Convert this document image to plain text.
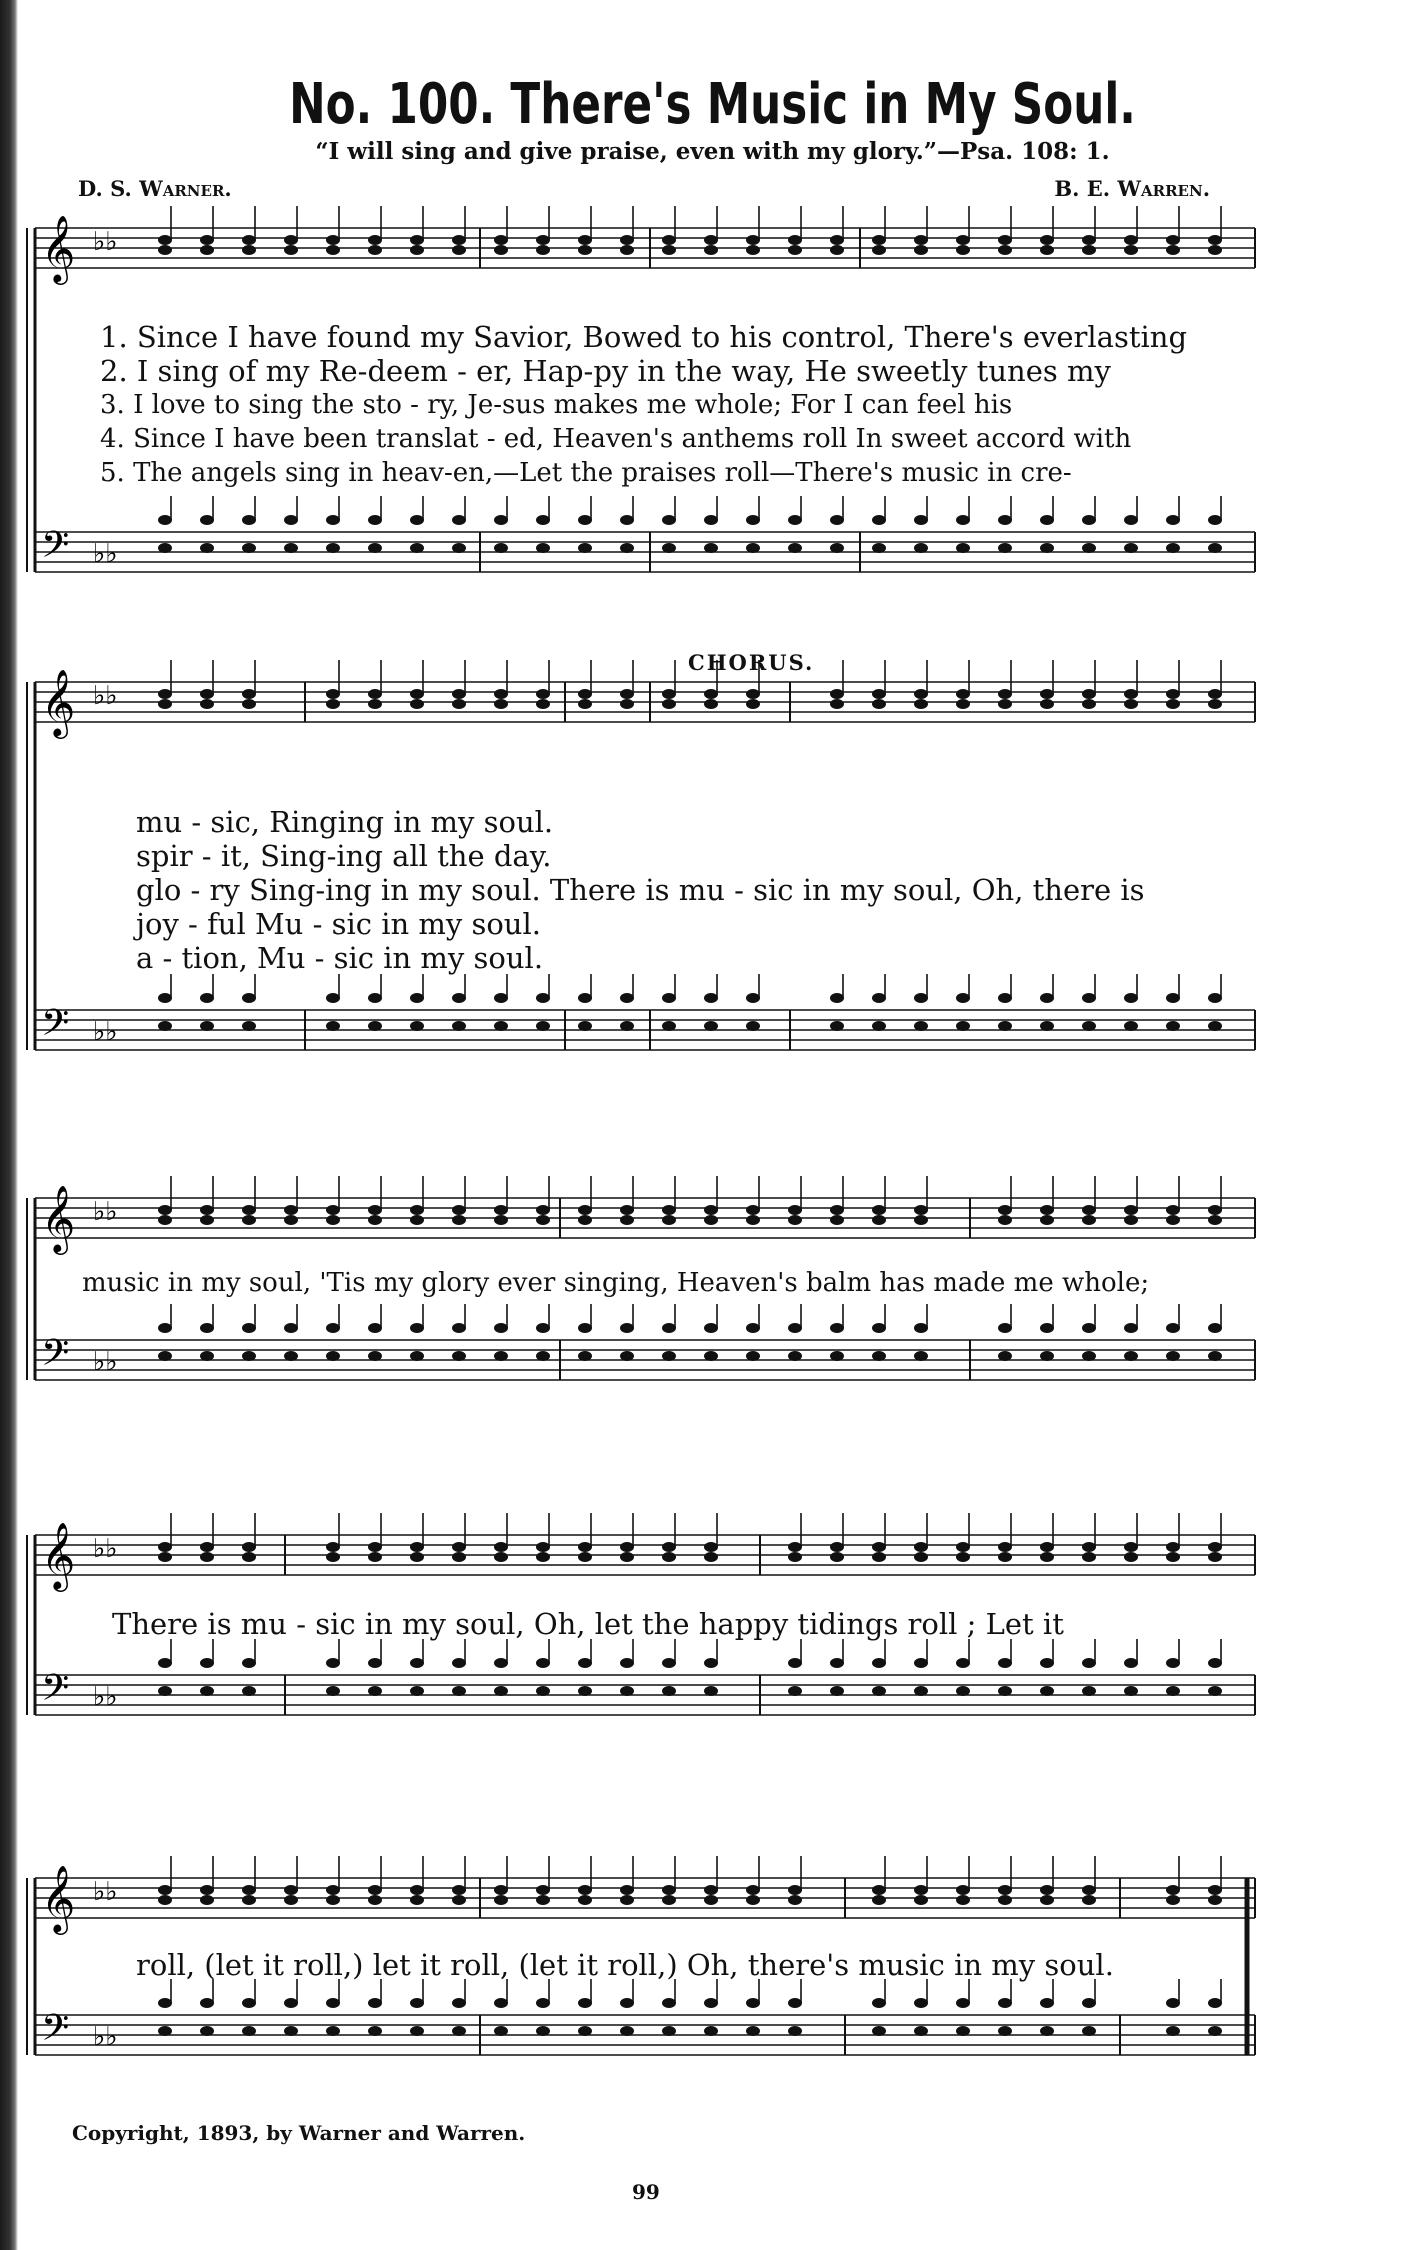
𝄞
𝄢
♭♭
♭♭
𝄞
𝄢
♭♭
♭♭
𝄞
𝄢
♭♭
♭♭
𝄞
𝄢
♭♭
♭♭
𝄞
𝄢
♭♭
♭♭
No. 100. There's Music in My Soul.
“I will sing and give praise, even with my glory.”—Psa. 108: 1.
D. S. Warner.	B. E. Warren.
CHORUS.
1. Since I have found my Savior, Bowed to his control, There's everlasting
2. I sing of my Re-deem - er, Hap-py in the way, He sweetly tunes my
3. I love to sing the sto - ry, Je-sus makes me whole; For I can feel his
4. Since I have been translat - ed, Heaven's anthems roll In sweet accord with
5. The angels sing in heav-en,—Let the praises roll—There's music in cre-
mu - sic, Ringing in my soul.
spir - it, Sing-ing all the day.
glo - ry Sing-ing in my soul. There is mu - sic in my soul, Oh, there is
joy - ful Mu - sic in my soul.
a - tion, Mu - sic in my soul.
music in my soul, 'Tis my glory ever singing, Heaven's balm has made me whole;
There is mu - sic in my soul, Oh, let the happy tidings roll ; Let it
roll, (let it roll,) let it roll, (let it roll,) Oh, there's music in my soul.
Copyright, 1893, by Warner and Warren.
99
